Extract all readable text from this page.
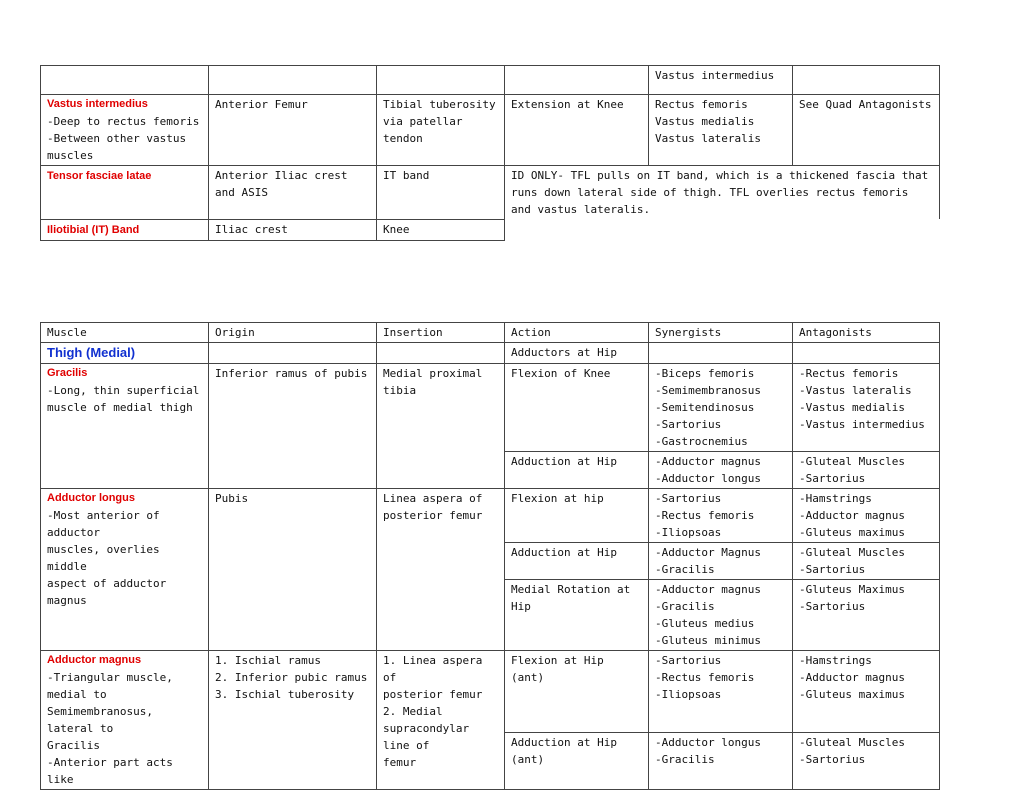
				Vastus intermedius	

Vastus intermedius
-Deep to rectus femoris
-Between other vastus
muscles	Anterior Femur	Tibial tuberosity via patellar tendon	Extension at Knee	Rectus femoris
Vastus medialis
Vastus lateralis	See Quad Antagonists
Tensor fasciae latae	Anterior Iliac crest and ASIS	IT band	ID ONLY- TFL pulls on IT band, which is a thickened fascia that runs down lateral side of thigh. TFL overlies rectus femoris and vastus lateralis.		
Iliotibial (IT) Band	Iliac crest	Knee			
Muscle	Origin	Insertion	Action	Synergists	Antagonists
Thigh (Medial)			Adductors at Hip		

Gracilis
-Long, thin superficial
muscle of medial thigh	Inferior ramus of pubis	Medial proximal tibia	Flexion of Knee	-Biceps femoris
-Semimembranosus
-Semitendinosus
-Sartorius
-Gastrocnemius	-Rectus femoris
-Vastus lateralis
-Vastus medialis
-Vastus intermedius

			Adduction at Hip	-Adductor magnus
-Adductor longus	-Gluteal Muscles
-Sartorius

Adductor longus
-Most anterior of adductor
muscles, overlies middle
aspect of adductor magnus	Pubis	Linea aspera of posterior femur	Flexion at hip	-Sartorius
-Rectus femoris
-Iliopsoas	-Hamstrings
-Adductor magnus
-Gluteus maximus

			Adduction at Hip	-Adductor Magnus
-Gracilis	-Gluteal Muscles
-Sartorius

			Medial Rotation at Hip	-Adductor magnus
-Gracilis
-Gluteus medius
-Gluteus minimus	-Gluteus Maximus
-Sartorius

Adductor magnus
-Triangular muscle, medial to
Semimembranosus, lateral to
Gracilis
-Anterior part acts like	1. Ischial ramus
2. Inferior pubic ramus
3. Ischial tuberosity	1. Linea aspera of
posterior femur
2. Medial
supracondylar line of
femur	Flexion at Hip (ant)	-Sartorius
-Rectus femoris
-Iliopsoas	-Hamstrings
-Adductor magnus
-Gluteus maximus

			Adduction at Hip (ant)	-Adductor longus
-Gracilis	-Gluteal Muscles
-Sartorius
